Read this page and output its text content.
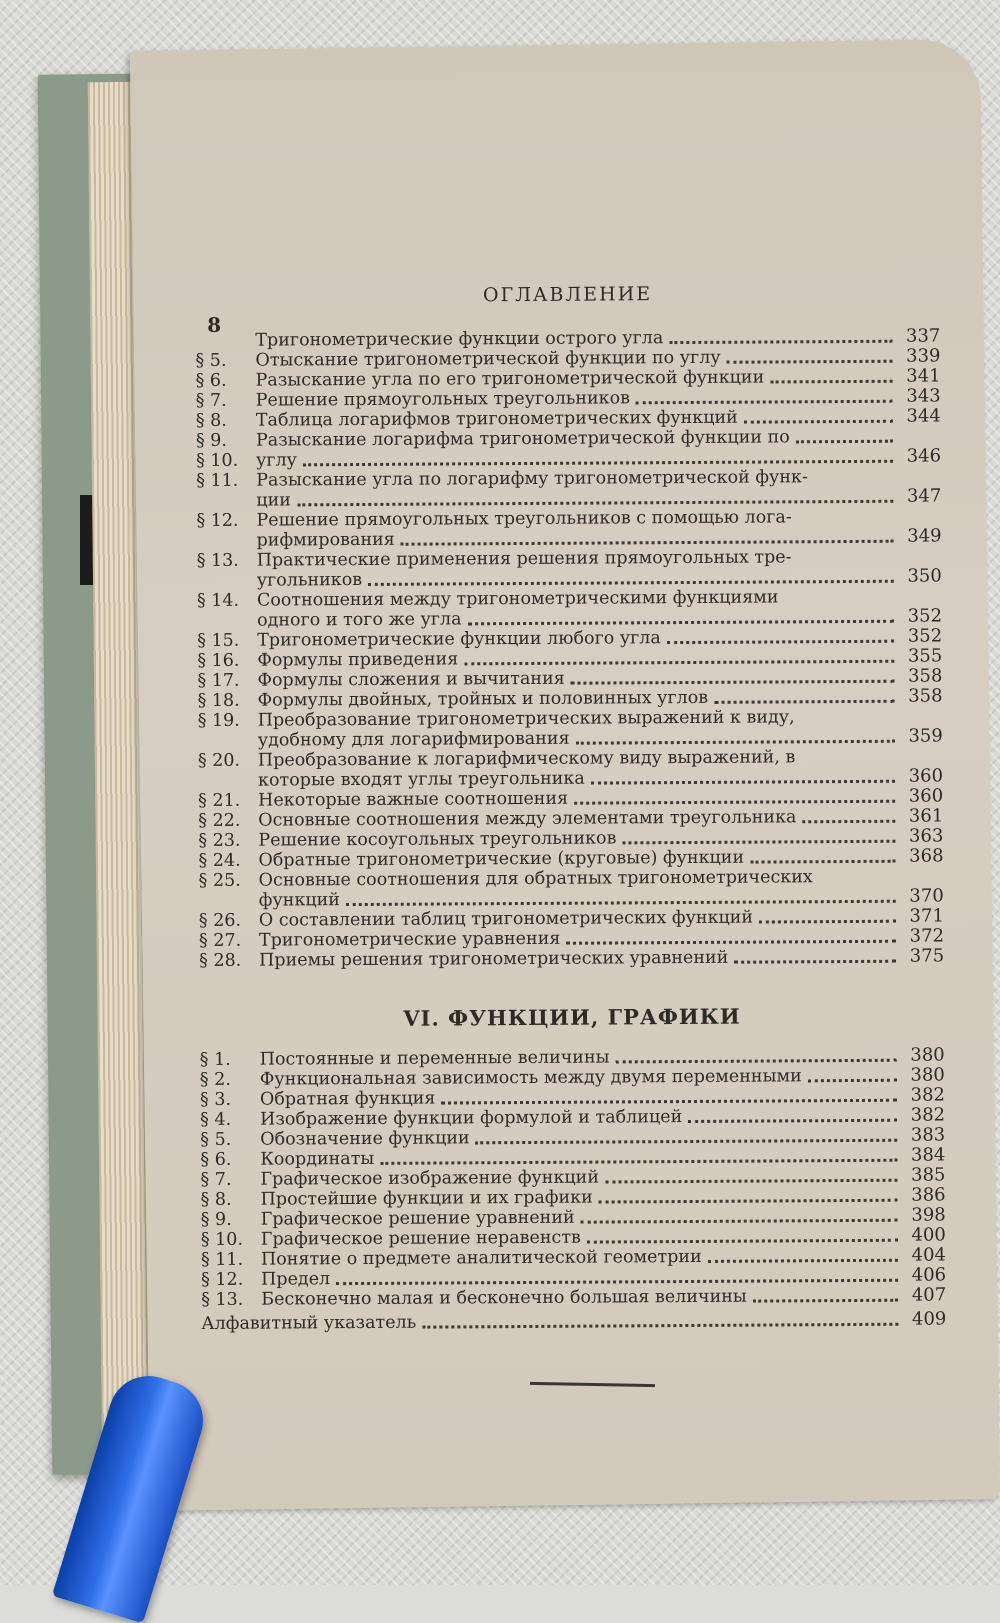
ОГЛАВЛЕНИЕ
8
Тригонометрические функции острого угла	337
§ 5.	Отыскание тригонометрической функции по углу	339
§ 6.	Разыскание угла по его тригонометрической функции	341
§ 7.	Решение прямоугольных треугольников	343
§ 8.	Таблица логарифмов тригонометрических функций	344
§ 9.	Разыскание логарифма тригонометрической функции по
§ 10.	углу	346
§ 11.	Разыскание угла по логарифму тригонометрической функ-
ции	347
§ 12.	Решение прямоугольных треугольников с помощью лога-
рифмирования	349
§ 13.	Практические применения решения прямоугольных тре-
угольников	350
§ 14.	Соотношения между тригонометрическими функциями
одного и того же угла	352
§ 15.	Тригонометрические функции любого угла	352
§ 16.	Формулы приведения	355
§ 17.	Формулы сложения и вычитания	358
§ 18.	Формулы двойных, тройных и половинных углов	358
§ 19.	Преобразование тригонометрических выражений к виду,
удобному для логарифмирования	359
§ 20.	Преобразование к логарифмическому виду выражений, в
которые входят углы треугольника	360
§ 21.	Некоторые важные соотношения	360
§ 22.	Основные соотношения между элементами треугольника	361
§ 23.	Решение косоугольных треугольников	363
§ 24.	Обратные тригонометрические (круговые) функции	368
§ 25.	Основные соотношения для обратных тригонометрических
функций	370
§ 26.	О составлении таблиц тригонометрических функций	371
§ 27.	Тригонометрические уравнения	372
§ 28.	Приемы решения тригонометрических уравнений	375
VI. ФУНКЦИИ, ГРАФИКИ
§ 1.	Постоянные и переменные величины	380
§ 2.	Функциональная зависимость между двумя переменными	380
§ 3.	Обратная функция	382
§ 4.	Изображение функции формулой и таблицей	382
§ 5.	Обозначение функции	383
§ 6.	Координаты	384
§ 7.	Графическое изображение функций	385
§ 8.	Простейшие функции и их графики	386
§ 9.	Графическое решение уравнений	398
§ 10.	Графическое решение неравенств	400
§ 11.	Понятие о предмете аналитической геометрии	404
§ 12.	Предел	406
§ 13.	Бесконечно малая и бесконечно большая величины	407
Алфавитный указатель	409
